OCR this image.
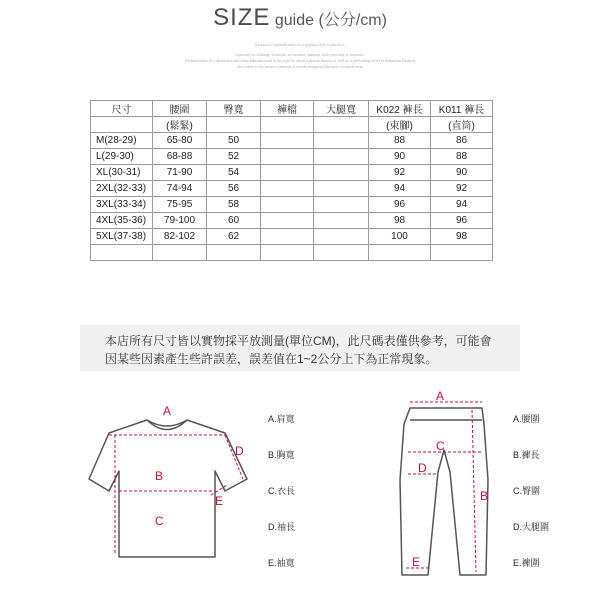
SIZE guide (公分/cm)
Fashion is a general term for a popular style or practice,
especially in clothing, footwear, accessories, makeup, body piercing or furniture.
Fashion refers to a distinctive and often habitual trend in the style in which a person dresses as well as to prevailing styles in behaviour.Fashion
also refers to the newest creations of textile designers.The more technical term
尺寸	腰圍	臀寬	褲檔	大腿寬	K022 褲長	K011 褲長
	(鬆緊)				(束腳)	(直筒)
M(28-29)	65-80	50			88	86
L(29-30)	68-88	52			90	88
XL(30-31)	71-90	54			92	90
2XL(32-33)	74-94	56			94	92
3XL(33-34)	75-95	58			96	94
4XL(35-36)	79-100	60			98	96
5XL(37-38)	82-102	62			100	98

本店所有尺寸皆以實物採平放測量(單位CM)，此尺碼表僅供參考，可能會
因某些因素產生些許誤差，誤差值在1~2公分上下為正常現象。
A
B
C
D
E
A.肩寬
B.胸寬
C.衣長
D.袖長
E.袖寬
A
B
C
D
E
A.腰圍
B.褲長
C.臀圍
D.大腿圍
E.褲圍
